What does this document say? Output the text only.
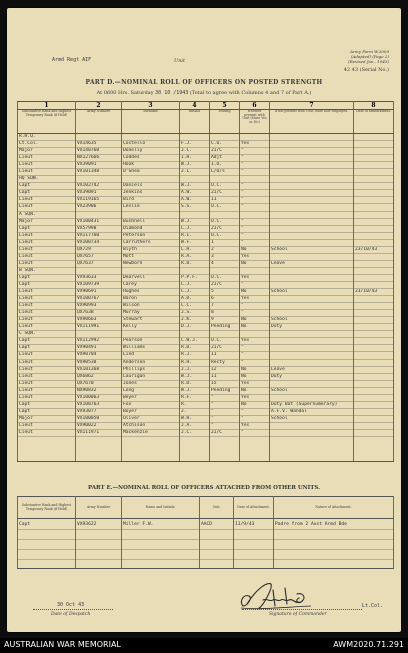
Armd Regt AIF	Unit
Army Form W.3009
(Adapted) (Page 2)
(Revised Jan., 1943)
42 43 (Serial No.)
PART D.—NOMINAL ROLL OF OFFICERS ON POSTED STRENGTH
At 0600 Hrs. Saturday 30 10 /1943 (Total to agree with Columns 4 and 7 of Part A.)
1	2	3	4	5	6	7	8
Substantive Rank and Highest Temporary Rank (if Held)	Army Number	Surname	Initials	Posting	Whether present with Unit (State Yes or No)	If not present with Unit, state how employed.	Date of Embarkment.
R.H.Q.							
Lt.Col.	VX14635	Costello	F.J.	C.O.	Yes		
Major	VX140760	Donelly	J.C.	2I/C	"		
Lieut	NX127666	Coddes	I.H.	Adjt	"		
Lieut	VX39091	Hook	W.J.	I.O.	"		
Lieut	VX101348	O'Shea	J.L.	L/O/s	"		
HQ SQN.							
Capt	VX102742	Daniels	W.J.	O.C.	"		
Capt	VX39091	Jenkins	A.W.	2I/C	"		
Lieut	VX119165	Bird	A.W.	11	"		
Lieut	VX23906	Leslie	S.S.	O.C.	"		
A SQN.							
Major	VX100431	Bushnell	W.J.	O.C.	"		
Capt	VX57990	Diamond	L.J.	2I/C	"		
Lieut	VX117760	Peterson	R.I.	O.C.	"		
Lieut	VX100734	Carruthers	W.F.	1	"		
Lieut	QX729	Blyth	L.H.	2	No	School	23/10/43
Lieut	QX7657	Mott	R.A.	3	Yes		
Lieut	QX7637	Newborn	R.D.	4	No	Leave	
B SQN.							
Capt	VX93633	Dearvell	P.P.F.	O.C.	Yes		
Capt	VX109739	Carey	L.J.	2I/C	"		
Lieut	VX90691	Hughes	C.J.	5	No	School	23/10/43
Lieut	VX100767	Baron	A.D.	6	Yes		
Lieut	VX90993	Wilson	C.C.	7	"		
Lieut	QX7638	Murray	J.S.	8	"		
Lieut	VX90663	Stewart	J.K.	9	No	School	
Lieut	VX111991	Kelly	D.J.	Pending	No	Duty	
C SQN.							
Capt	VX112992	Pearson	C.W.J.	O.C.	Yes		
Capt	VX90491	Williams	R.D.	2I/C	"		
Lieut	VX90704	Lind	R.J.	11	"		
Lieut	VX90538	Anderson	R.H.	Recty	"		
Lieut	VX101368	Phillips	J.J.	12	No	Leave	
Lieut	QX6862	Laurigan	W.J.	11	No	Duty	
Lieut	QX7670	Jones	R.D.	15	Yes		
Lieut	NX90832	Long	W.J.	Pending	No	School	
Lieut	VX100063	Beyer	R.F.	"	Yes		
Capt	VX100763	Fox	R.	"	No	Duty Bat (Supernumerary)	
Capt	VX93077	Boyer	J.	"	"	A.F.V. Wandal	
Major	VX100050	Oliver	W.H.	"	"	School	
Lieut	VX90022	Atchison	J.A.	"	Yes		
Lieut	VX111971	Mackenzie	J.C.	2I/C	"		

PART E.—NOMINAL ROLL OF OFFICERS ATTACHED FROM OTHER UNITS.
Substantive Rank and Highest Temporary Rank (if Held)	Army Number	Name and Initials.	Unit.	Date of Attachment.	Nature of Attachment.
Capt	VX93622	Miller F.W.	AACD	11/9/43	Padre from 2 Aust Armd Bde

30 Oct 43
Date of Despatch
Lt.Col.
Signature of Commander
AUSTRALIAN WAR MEMORIAL	AWM2020.71.291
